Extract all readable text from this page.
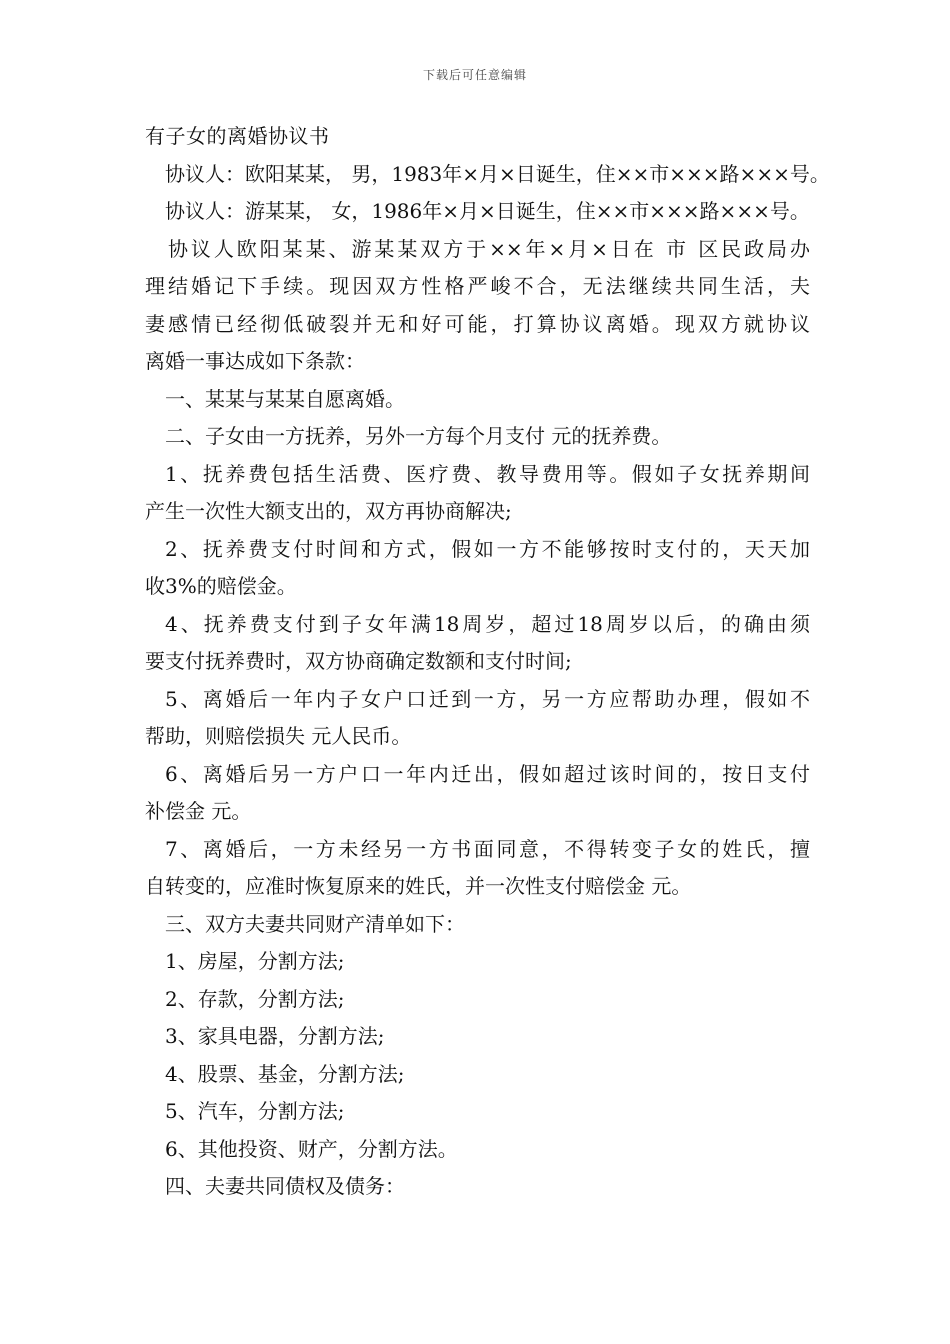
下载后可任意编辑
有子女的离婚协议书
 协议人：欧阳某某， 男，1983年×月×日诞生，住××市×××路×××号。
 协议人：游某某， 女，1986年×月×日诞生，住××市×××路×××号。
 协议人欧阳某某、游某某双方于××年×月×日在 市 区民政局办
理结婚记下手续。现因双方性格严峻不合，无法继续共同生活，夫
妻感情已经彻低破裂并无和好可能，打算协议离婚。现双方就协议
离婚一事达成如下条款：
 一、某某与某某自愿离婚。
 二、子女由一方抚养，另外一方每个月支付 元的抚养费。
 1、抚养费包括生活费、医疗费、教导费用等。假如子女抚养期间
产生一次性大额支出的，双方再协商解决;
 2、抚养费支付时间和方式，假如一方不能够按时支付的，天天加
收3%的赔偿金。
 4、抚养费支付到子女年满18周岁，超过18周岁以后，的确由须
要支付抚养费时，双方协商确定数额和支付时间;
 5、离婚后一年内子女户口迁到一方，另一方应帮助办理，假如不
帮助，则赔偿损失 元人民币。
 6、离婚后另一方户口一年内迁出，假如超过该时间的，按日支付
补偿金 元。
 7、离婚后，一方未经另一方书面同意，不得转变子女的姓氏，擅
自转变的，应准时恢复原来的姓氏，并一次性支付赔偿金 元。
 三、双方夫妻共同财产清单如下：
 1、房屋，分割方法;
 2、存款，分割方法;
 3、家具电器，分割方法;
 4、股票、基金，分割方法;
 5、汽车，分割方法;
 6、其他投资、财产，分割方法。
 四、夫妻共同债权及债务：
